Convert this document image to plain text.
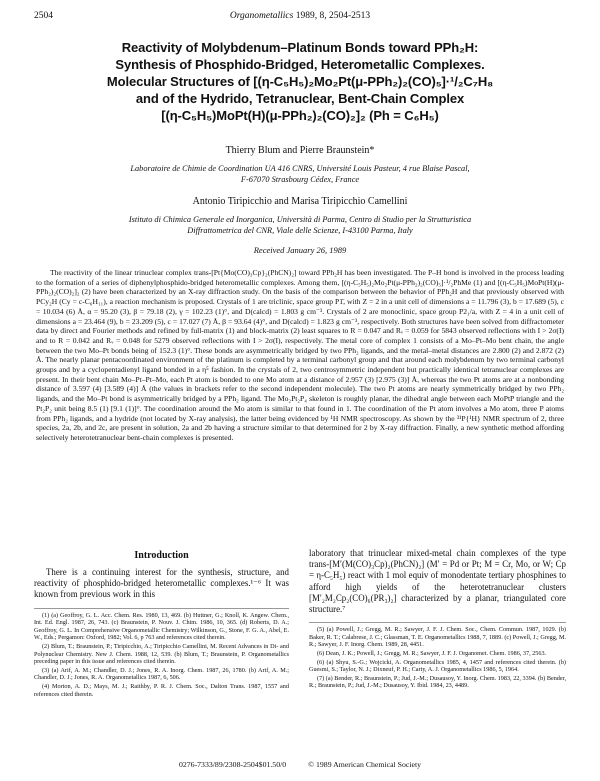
2504	Organometallics 1989, 8, 2504-2513
Reactivity of Molybdenum–Platinum Bonds toward PPh₂H:
Synthesis of Phosphido-Bridged, Heterometallic Complexes.
Molecular Structures of [(η-C₅H₅)₂Mo₂Pt(μ-PPh₂)₂(CO)₅]·¹/₂C₇H₈
and of the Hydrido, Tetranuclear, Bent-Chain Complex
[(η-C₅H₅)MoPt(H)(μ-PPh₂)₂(CO)₂]₂ (Ph = C₆H₅)
Thierry Blum and Pierre Braunstein*
Laboratoire de Chimie de Coordination UA 416 CNRS, Université Louis Pasteur, 4 rue Blaise Pascal,
F-67070 Strasbourg Cédex, France
Antonio Tiripicchio and Marisa Tiripicchio Camellini
Istituto di Chimica Generale ed Inorganica, Università di Parma, Centro di Studio per la Strutturistica
Diffrattometrica del CNR, Viale delle Scienze, I-43100 Parma, Italy
Received January 26, 1989
The reactivity of the linear trinuclear complex trans-[Pt{Mo(CO)₃Cp}₂(PhCN)₂] toward PPh₂H has been investigated. The P–H bond is involved in the process leading to the formation of a series of diphenylphosphido-bridged heterometallic complexes. Among them, [(η-C₅H₅)₂Mo₂Pt(μ-PPh₂)₂(CO)₅]·¹/₂PhMe (1) and [(η-C₅H₅)MoPt(H)(μ-PPh₂)₂(CO)₂]₂ (2) have been characterized by an X-ray diffraction study. On the basis of the comparison between the behavior of PPh₂H and that previously observed with PCy₂H (Cy = c-C₆H₁₁), a reaction mechanism is proposed. Crystals of 1 are triclinic, space group P1̄, with Z = 2 in a unit cell of dimensions a = 11.796 (3), b = 17.689 (5), c = 10.034 (6) Å, α = 95.20 (3), β = 79.18 (2), γ = 102.23 (1)°, and D(calcd) = 1.803 g cm⁻³. Crystals of 2 are monoclinic, space group P2₁/a, with Z = 4 in a unit cell of dimensions a = 23.464 (9), b = 23.209 (5), c = 17.027 (7) Å, β = 93.64 (4)°, and D(calcd) = 1.823 g cm⁻³, respectively. Both structures have been solved from diffractometer data by direct and Fourier methods and refined by full-matrix (1) and block-matrix (2) least squares to R = 0.047 and Rᵥ = 0.059 for 5843 observed reflections with I > 2σ(I) and to R = 0.042 and Rᵥ = 0.048 for 5279 observed reflections with I > 2σ(I), respectively. The metal core of complex 1 consists of a Mo–Pt–Mo bent chain, the angle between the two Mo–Pt bonds being of 152.3 (1)°. These bonds are asymmetrically bridged by two PPh₂ ligands, and the metal–metal distances are 2.800 (2) and 2.872 (2) Å. The nearly planar pentacoordinated environment of the platinum is completed by a terminal carbonyl group and that around each molybdenum by two terminal carbonyl groups and by a cyclopentadienyl ligand bonded in a η⁵ fashion. In the crystals of 2, two centrosymmetric independent but practically identical tetranuclear complexes are present. In their bent chain Mo–Pt–Pt–Mo, each Pt atom is bonded to one Mo atom at a distance of 2.957 (3) [2.975 (3)] Å, whereas the two Pt atoms are at a nonbonding distance of 3.597 (4) [3.589 (4)] Å (the values in brackets refer to the second independent molecule). The two Pt atoms are nearly symmetrically bridged by two PPh₂ ligands, and the Mo–Pt bond is asymmetrically bridged by a PPh₂ ligand. The Mo₂Pt₂P₄ skeleton is roughly planar, the dihedral angle between each MoPtP triangle and the Pt₂P₂ unit being 8.5 (1) [9.1 (1)]°. The coordination around the Mo atom is similar to that found in 1. The coordination of the Pt atom involves a Mo atom, three P atoms from PPh₂ ligands, and a hydride (not located by X-ray analysis), the latter being evidenced by ¹H NMR spectroscopy. As shown by the ³¹P{¹H} NMR spectrum of 2, three species, 2a, 2b, and 2c, are present in solution, 2a and 2b having a structure similar to that determined for 2 by X-ray diffraction. Finally, a new synthetic method affording selectively heterotetranuclear bent-chain complexes is presented.
Introduction

There is a continuing interest for the synthesis, structure, and reactivity of phosphido-bridged heterometallic complexes.¹⁻⁶ It was known from previous work in this

(1) (a) Geoffroy, G. L. Acc. Chem. Res. 1980, 13, 469. (b) Huttner, G.; Knoll, K. Angew. Chem., Int. Ed. Engl. 1987, 26, 743. (c) Braunstein, P. Nouv. J. Chim. 1986, 10, 365. (d) Roberts, D. A.; Geoffroy, G. L. In Comprehensive Organometallic Chemistry; Wilkinson, G., Stone, F. G. A., Abel, E. W., Eds.; Pergamon: Oxford, 1982; Vol. 6, p 763 and references cited therein.

(2) Blum, T.; Braunstein, P.; Tiripicchio, A.; Tiripicchio Camellini, M. Recent Advances in Di- and Polynuclear Chemistry. New J. Chem. 1988, 12, 539. (b) Blum, T.; Braunstein, P. Organometallics preceding paper in this issue and references cited therein.

(3) (a) Arif, A. M.; Chandler, D. J.; Jones, R. A. Inorg. Chem. 1987, 26, 1780. (b) Arif, A. M.; Chandler, D. J.; Jones, R. A. Organometallics 1987, 6, 506.

(4) Morton, A. D.; Mays, M. J.; Raithby, P. R. J. Chem. Soc., Dalton Trans. 1987, 1557 and references cited therein.

laboratory that trinuclear mixed-metal chain complexes of the type trans-[M′(M(CO)₃Cp)₂(PhCN)₂] (M′ = Pd or Pt; M = Cr, Mo, or W; Cp = η-C₅H₅) react with 1 mol equiv of monodentate tertiary phosphines to afford high yields of the heterotetranuclear clusters [M′₂M₂Cp₂(CO)₆(PR₃)₂] characterized by a planar, triangulated core structure.⁷

(5) (a) Powell, J.; Gregg, M. R.; Sawyer, J. F. J. Chem. Soc., Chem. Commun. 1987, 1029. (b) Baker, R. T.; Calabrese, J. C.; Glassman, T. E. Organometallics 1988, 7, 1889. (c) Powell, J.; Gregg, M. R.; Sawyer, J. F. Inorg. Chem. 1989, 28, 4451.

(6) Dean, J. K.; Powell, J.; Gregg, M. R.; Sawyer, J. F. J. Organomet. Chem. 1986, 37, 2563.

(6) (a) Shyu, S.-G.; Wojcicki, A. Organometallics 1985, 4, 1457 and references cited therein. (b) Guesmi, S.; Taylor, N. J.; Dixneuf, P. H.; Carty, A. J. Organometallics 1986, 5, 1964.

(7) (a) Bender, R.; Braunstein, P.; Jud, J.-M.; Dusausoy, Y. Inorg. Chem. 1983, 22, 3394. (b) Bender, R.; Braunstein, P.; Jud, J.-M.; Dusausoy, Y. Ibid. 1984, 23, 4489.

0276-7333/89/2308-2504$01.50/0	© 1989 American Chemical Society
